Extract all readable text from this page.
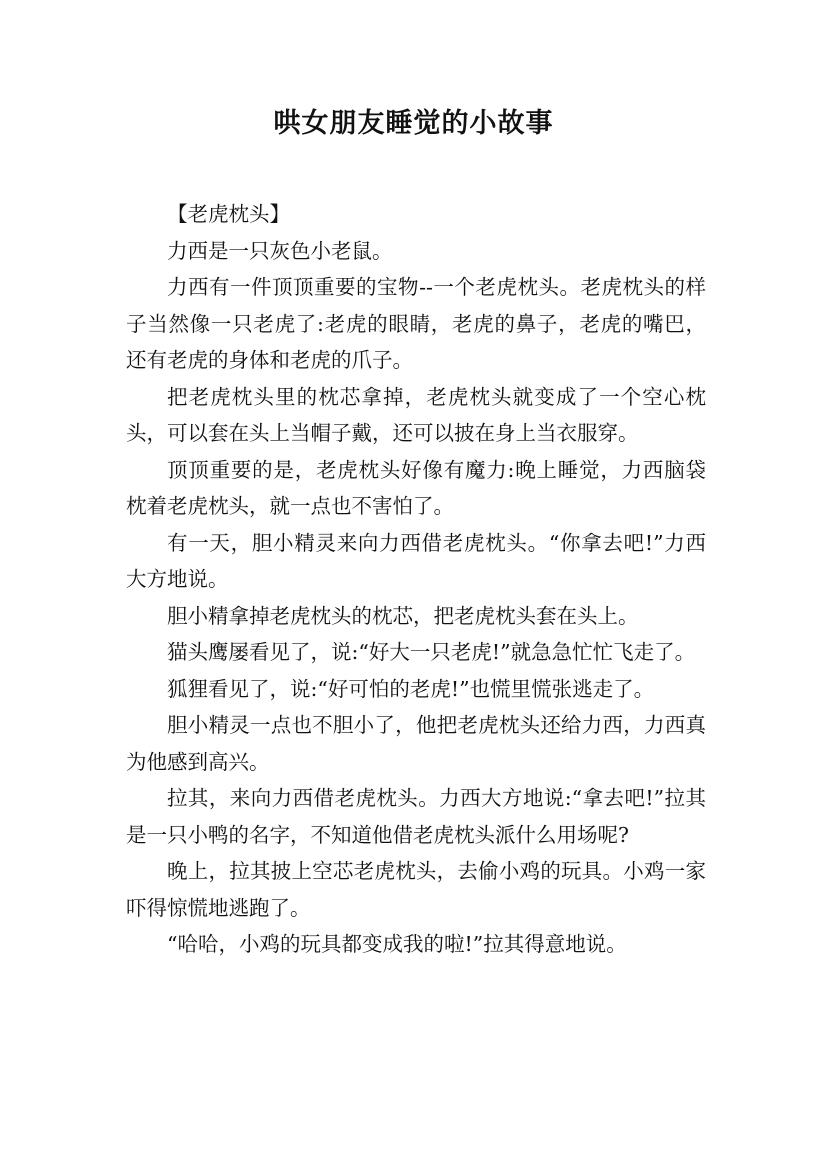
哄女朋友睡觉的小故事

【老虎枕头】

力西是一只灰色小老鼠。

力西有一件顶顶重要的宝物--一个老虎枕头。老虎枕头的样子当然像一只老虎了:老虎的眼睛，老虎的鼻子，老虎的嘴巴，还有老虎的身体和老虎的爪子。

把老虎枕头里的枕芯拿掉，老虎枕头就变成了一个空心枕头，可以套在头上当帽子戴，还可以披在身上当衣服穿。

顶顶重要的是，老虎枕头好像有魔力:晚上睡觉，力西脑袋枕着老虎枕头，就一点也不害怕了。

有一天，胆小精灵来向力西借老虎枕头。“你拿去吧!”力西大方地说。

胆小精拿掉老虎枕头的枕芯，把老虎枕头套在头上。

猫头鹰屡看见了，说:“好大一只老虎!”就急急忙忙飞走了。

狐狸看见了，说:“好可怕的老虎!”也慌里慌张逃走了。

胆小精灵一点也不胆小了，他把老虎枕头还给力西，力西真为他感到高兴。

拉其，来向力西借老虎枕头。力西大方地说:“拿去吧!”拉其是一只小鸭的名字，不知道他借老虎枕头派什么用场呢?

晚上，拉其披上空芯老虎枕头，去偷小鸡的玩具。小鸡一家吓得惊慌地逃跑了。

“哈哈，小鸡的玩具都变成我的啦!”拉其得意地说。
